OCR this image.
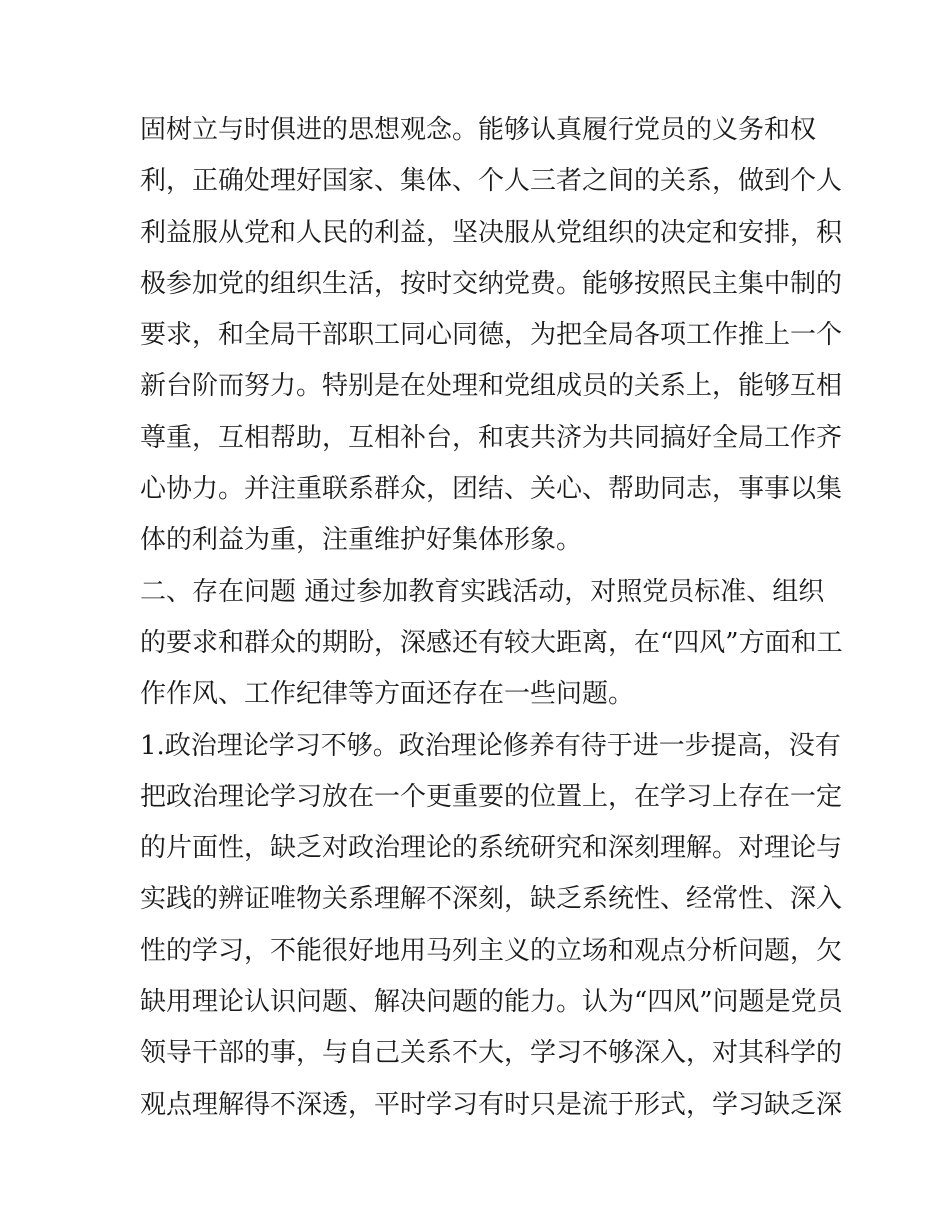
固树立与时俱进的思想观念。能够认真履行党员的义务和权
利，正确处理好国家、集体、个人三者之间的关系，做到个人
利益服从党和人民的利益，坚决服从党组织的决定和安排，积
极参加党的组织生活，按时交纳党费。能够按照民主集中制的
要求，和全局干部职工同心同德，为把全局各项工作推上一个
新台阶而努力。特别是在处理和党组成员的关系上，能够互相
尊重，互相帮助，互相补台，和衷共济为共同搞好全局工作齐
心协力。并注重联系群众，团结、关心、帮助同志，事事以集
体的利益为重，注重维护好集体形象。
二、存在问题 通过参加教育实践活动，对照党员标准、组织
的要求和群众的期盼，深感还有较大距离，在“四风”方面和工
作作风、工作纪律等方面还存在一些问题。
1.政治理论学习不够。政治理论修养有待于进一步提高，没有
把政治理论学习放在一个更重要的位置上，在学习上存在一定
的片面性，缺乏对政治理论的系统研究和深刻理解。对理论与
实践的辨证唯物关系理解不深刻，缺乏系统性、经常性、深入
性的学习，不能很好地用马列主义的立场和观点分析问题，欠
缺用理论认识问题、解决问题的能力。认为“四风”问题是党员
领导干部的事，与自己关系不大，学习不够深入，对其科学的
观点理解得不深透，平时学习有时只是流于形式，学习缺乏深
